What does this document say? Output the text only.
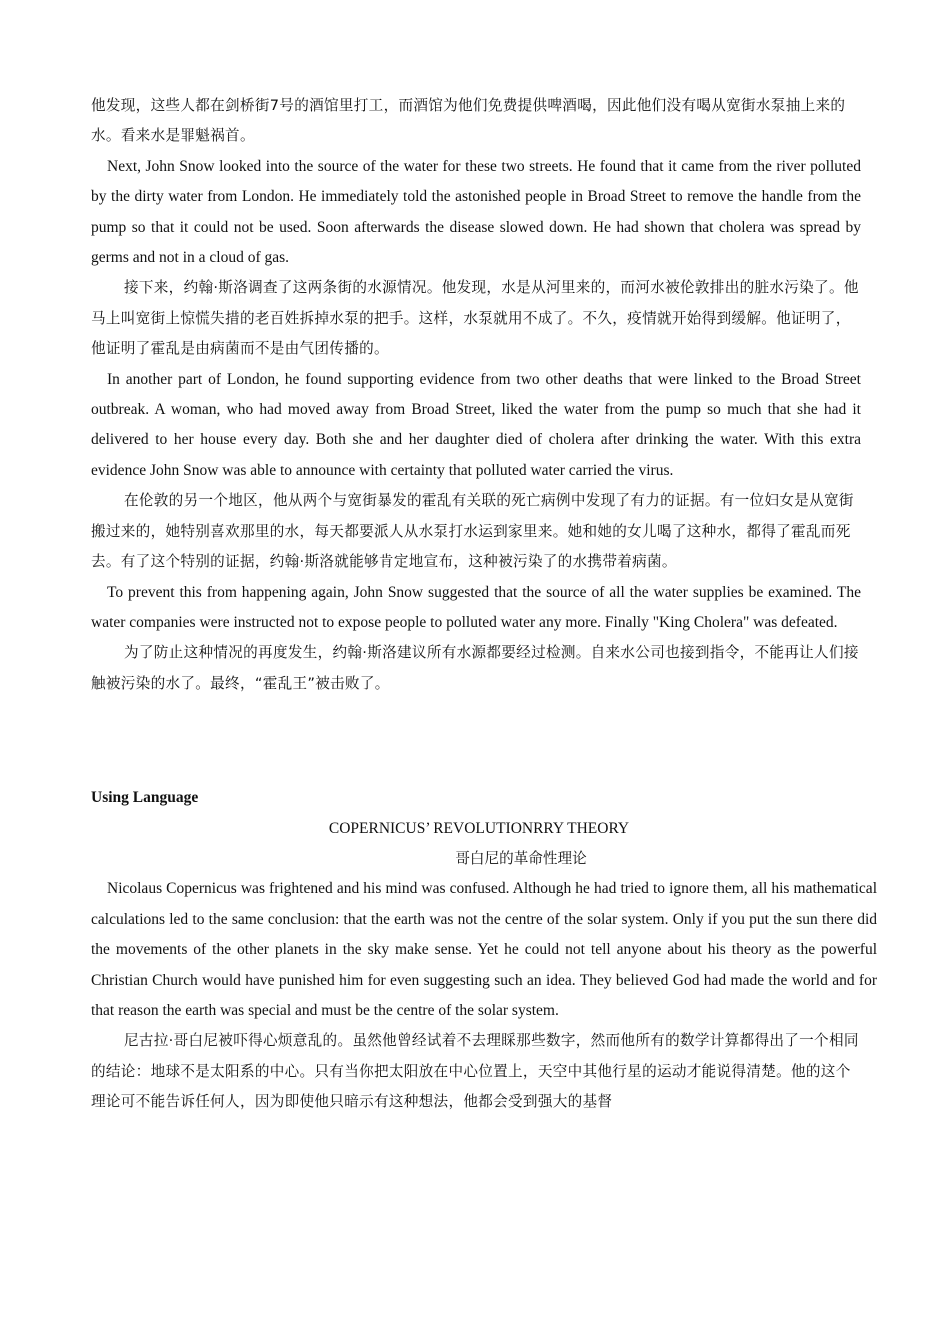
他发现，这些人都在剑桥街7号的酒馆里打工，而酒馆为他们免费提供啤酒喝，因此他们没有喝从宽街水泵抽上来的水。看来水是罪魁祸首。

Next, John Snow looked into the source of the water for these two streets. He found that it came from the river polluted by the dirty water from London. He immediately told the astonished people in Broad Street to remove the handle from the pump so that it could not be used. Soon afterwards the disease slowed down. He had shown that cholera was spread by germs and not in a cloud of gas.

接下来，约翰·斯洛调查了这两条街的水源情况。他发现，水是从河里来的，而河水被伦敦排出的脏水污染了。他马上叫宽街上惊慌失措的老百姓拆掉水泵的把手。这样，水泵就用不成了。不久，疫情就开始得到缓解。他证明了，他证明了霍乱是由病菌而不是由气团传播的。

In another part of London, he found supporting evidence from two other deaths that were linked to the Broad Street outbreak. A woman, who had moved away from Broad Street, liked the water from the pump so much that she had it delivered to her house every day. Both she and her daughter died of cholera after drinking the water. With this extra evidence John Snow was able to announce with certainty that polluted water carried the virus.

在伦敦的另一个地区，他从两个与宽街暴发的霍乱有关联的死亡病例中发现了有力的证据。有一位妇女是从宽街搬过来的，她特别喜欢那里的水，每天都要派人从水泵打水运到家里来。她和她的女儿喝了这种水，都得了霍乱而死去。有了这个特别的证据，约翰·斯洛就能够肯定地宣布，这种被污染了的水携带着病菌。

To prevent this from happening again, John Snow suggested that the source of all the water supplies be examined. The water companies were instructed not to expose people to polluted water any more. Finally "King Cholera" was defeated.

为了防止这种情况的再度发生，约翰·斯洛建议所有水源都要经过检测。自来水公司也接到指令，不能再让人们接触被污染的水了。最终，“霍乱王”被击败了。

Using Language
COPERNICUS’ REVOLUTIONRRY THEORY
哥白尼的革命性理论

Nicolaus Copernicus was frightened and his mind was confused. Although he had tried to ignore them, all his mathematical calculations led to the same conclusion: that the earth was not the centre of the solar system. Only if you put the sun there did the movements of the other planets in the sky make sense. Yet he could not tell anyone about his theory as the powerful Christian Church would have punished him for even suggesting such an idea. They believed God had made the world and for that reason the earth was special and must be the centre of the solar system.

尼古拉·哥白尼被吓得心烦意乱的。虽然他曾经试着不去理睬那些数字，然而他所有的数学计算都得出了一个相同的结论：地球不是太阳系的中心。只有当你把太阳放在中心位置上，天空中其他行星的运动才能说得清楚。他的这个理论可不能告诉任何人，因为即使他只暗示有这种想法，他都会受到强大的基督
